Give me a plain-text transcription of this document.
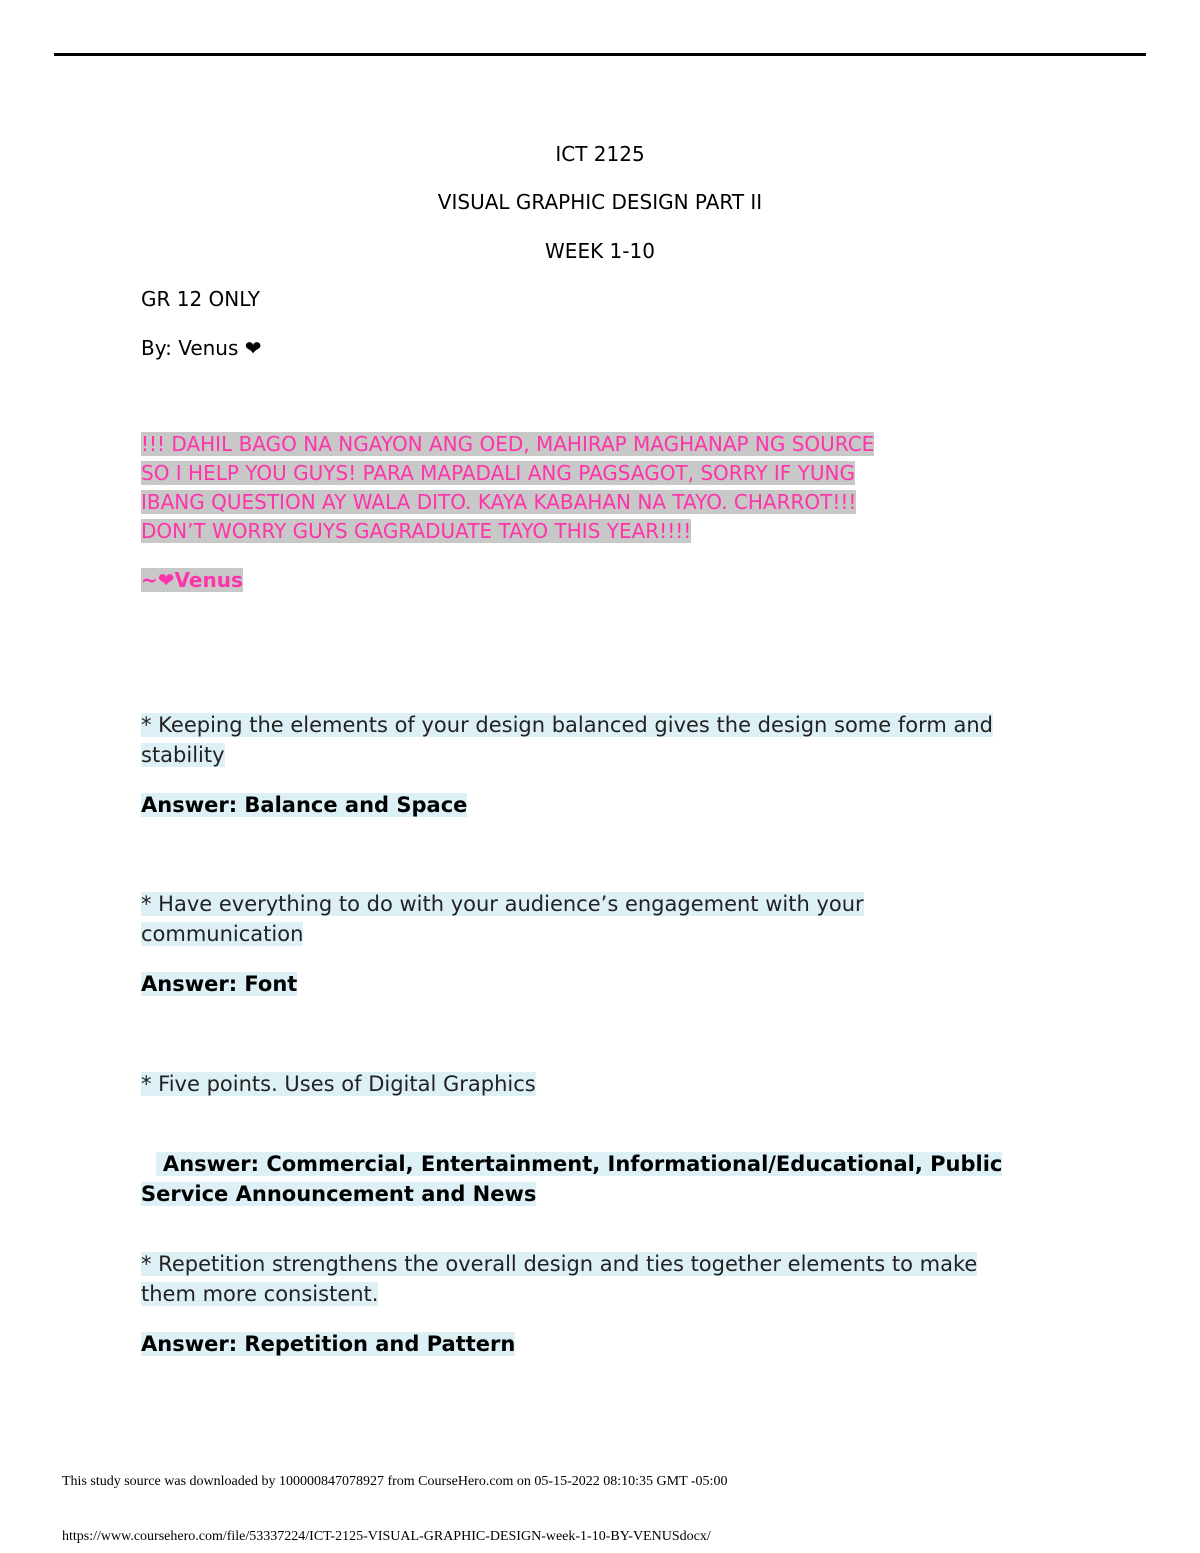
ICT 2125
VISUAL GRAPHIC DESIGN PART II
WEEK 1-10
GR 12 ONLY
By: Venus ❤
!!! DAHIL BAGO NA NGAYON ANG OED, MAHIRAP MAGHANAP NG SOURCE
SO I HELP YOU GUYS! PARA MAPADALI ANG PAGSAGOT, SORRY IF YUNG
IBANG QUESTION AY WALA DITO. KAYA KABAHAN NA TAYO. CHARROT!!!
DON’T WORRY GUYS GAGRADUATE TAYO THIS YEAR!!!!
~❤Venus
* Keeping the elements of your design balanced gives the design some form and
stability
Answer: Balance and Space
* Have everything to do with your audience’s engagement with your
communication
Answer: Font
* Five points. Uses of Digital Graphics

Answer: Commercial, Entertainment, Informational/Educational, Public
Service Announcement and News

* Repetition strengthens the overall design and ties together elements to make
them more consistent.
Answer: Repetition and Pattern
This study source was downloaded by 100000847078927 from CourseHero.com on 05-15-2022 08:10:35 GMT -05:00
https://www.coursehero.com/file/53337224/ICT-2125-VISUAL-GRAPHIC-DESIGN-week-1-10-BY-VENUSdocx/
